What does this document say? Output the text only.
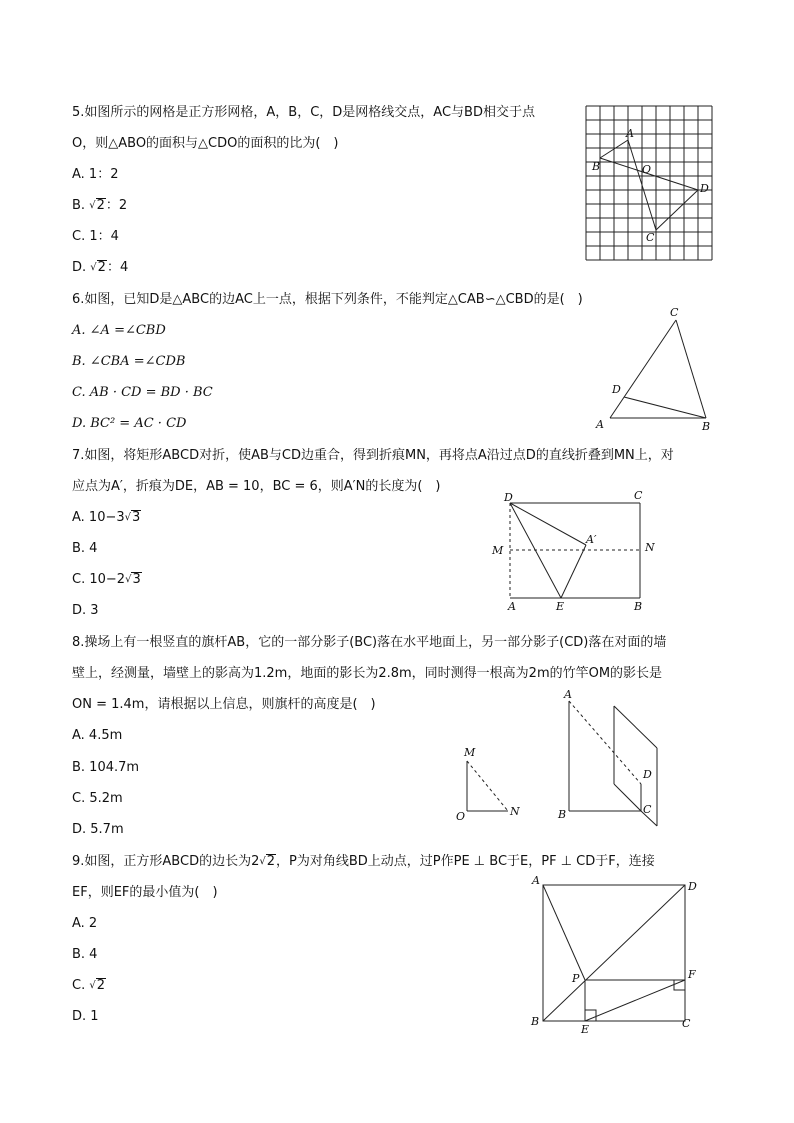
5.如图所示的网格是正方形网格，A，B，C，D是网格线交点，AC与BD相交于点
O，则△ABO的面积与△CDO的面积的比为(　)
A. 1：2
B. √2：2
C. 1：4
D. √2：4
A
B	O
D
C
6.如图，已知D是△ABC的边AC上一点，根据下列条件，不能判定△CAB∽△CBD的是(　)
A. ∠A =∠CBD
B. ∠CBA =∠CDB
C. AB · CD = BD · BC
D. BC² = AC · CD
C
D
A	B
7.如图，将矩形ABCD对折，使AB与CD边重合，得到折痕MN，再将点A沿过点D的直线折叠到MN上，对
应点为A′，折痕为DE，AB = 10，BC = 6，则A′N的长度为(　)
A. 10−3√3
B. 4
C. 10−2√3
D. 3
D	C
M
A′
N
A	E	B
8.操场上有一根竖直的旗杆AB，它的一部分影子(BC)落在水平地面上，另一部分影子(CD)落在对面的墙
壁上，经测量，墙壁上的影高为1.2m，地面的影长为2.8m，同时测得一根高为2m的竹竿OM的影长是
ON = 1.4m，请根据以上信息，则旗杆的高度是(　)
A. 4.5m
B. 104.7m
C. 5.2m
D. 5.7m
M
O	N
A
B	C
D
9.如图，正方形ABCD的边长为2√2，P为对角线BD上动点，过P作PE ⊥ BC于E，PF ⊥ CD于F，连接
EF，则EF的最小值为(　)
A. 2
B. 4
C. √2
D. 1
A	D
P	F
B
E	C
